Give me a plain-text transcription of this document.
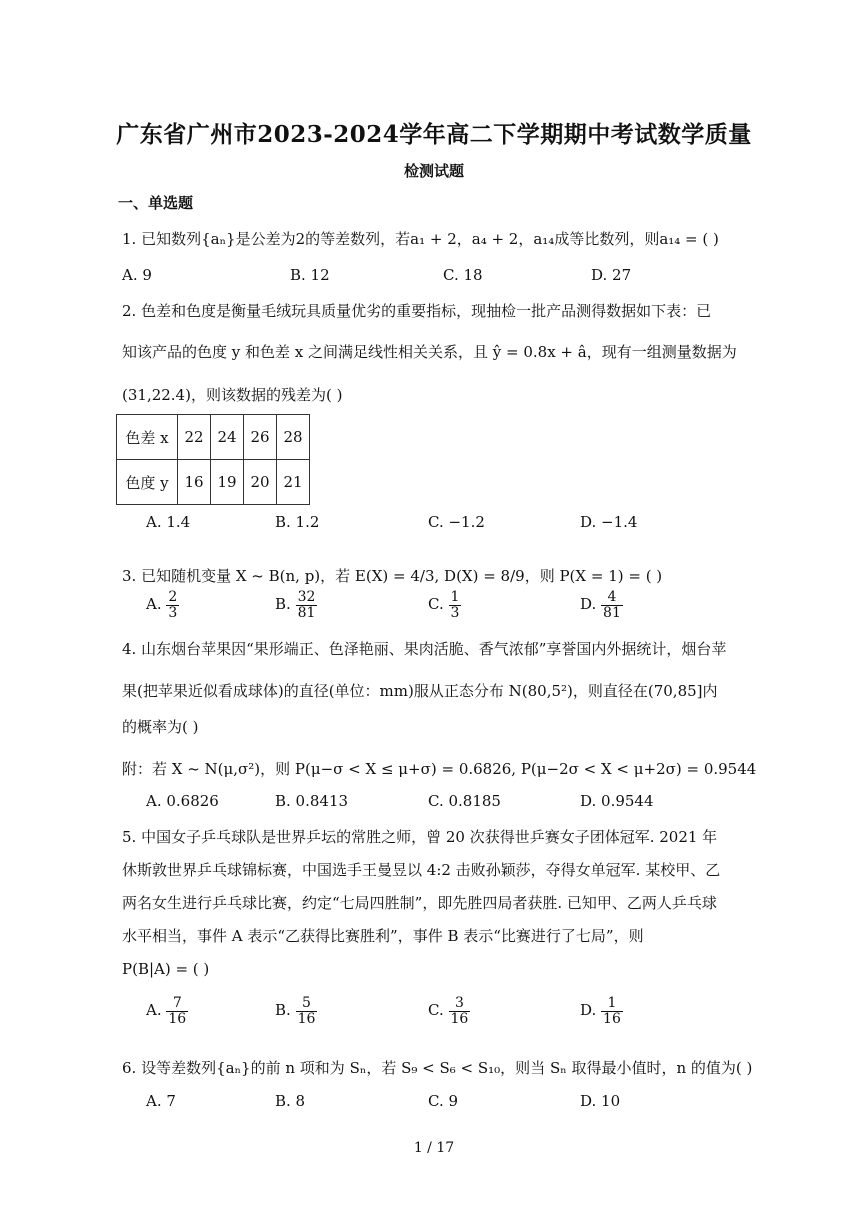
广东省广州市2023-2024学年高二下学期期中考试数学质量
检测试题
一、单选题
1. 已知数列{aₙ}是公差为2的等差数列，若a₁ + 2，a₄ + 2，a₁₄成等比数列，则a₁₄ = ( )
A. 9	B. 12	C. 18	D. 27
2. 色差和色度是衡量毛绒玩具质量优劣的重要指标，现抽检一批产品测得数据如下表：已
知该产品的色度 y 和色差 x 之间满足线性相关关系，且 ŷ = 0.8x + â，现有一组测量数据为
(31,22.4)，则该数据的残差为( )
色差 x	22	24	26	28
色度 y	16	19	20	21
A. 1.4	B. 1.2	C. −1.2	D. −1.4
3. 已知随机变量 X ~ B(n, p)，若 E(X) = 4/3, D(X) = 8/9，则 P(X = 1) = ( )
A. $\frac{2}{3}$	B. $\frac{32}{81}$	C. $\frac{1}{3}$	D. $\frac{4}{81}$
4. 山东烟台苹果因“果形端正、色泽艳丽、果肉活脆、香气浓郁”享誉国内外据统计，烟台苹
果(把苹果近似看成球体)的直径(单位：mm)服从正态分布 N(80,5²)，则直径在(70,85]内
的概率为( )
附：若 X ~ N(μ,σ²)，则 P(μ−σ < X ≤ μ+σ) = 0.6826, P(μ−2σ < X < μ+2σ) = 0.9544
A. 0.6826	B. 0.8413	C. 0.8185	D. 0.9544
5. 中国女子乒乓球队是世界乒坛的常胜之师，曾 20 次获得世乒赛女子团体冠军. 2021 年
休斯敦世界乒乓球锦标赛，中国选手王曼昱以 4:2 击败孙颖莎，夺得女单冠军. 某校甲、乙
两名女生进行乒乓球比赛，约定“七局四胜制”，即先胜四局者获胜. 已知甲、乙两人乒乓球
水平相当，事件 A 表示“乙获得比赛胜利”，事件 B 表示“比赛进行了七局”，则
P(B|A) = ( )
A. $\frac{7}{16}$	B. $\frac{5}{16}$	C. $\frac{3}{16}$	D. $\frac{1}{16}$
6. 设等差数列{aₙ}的前 n 项和为 Sₙ，若 S₉ < S₆ < S₁₀，则当 Sₙ 取得最小值时，n 的值为( )
A. 7	B. 8	C. 9	D. 10
1 / 17
